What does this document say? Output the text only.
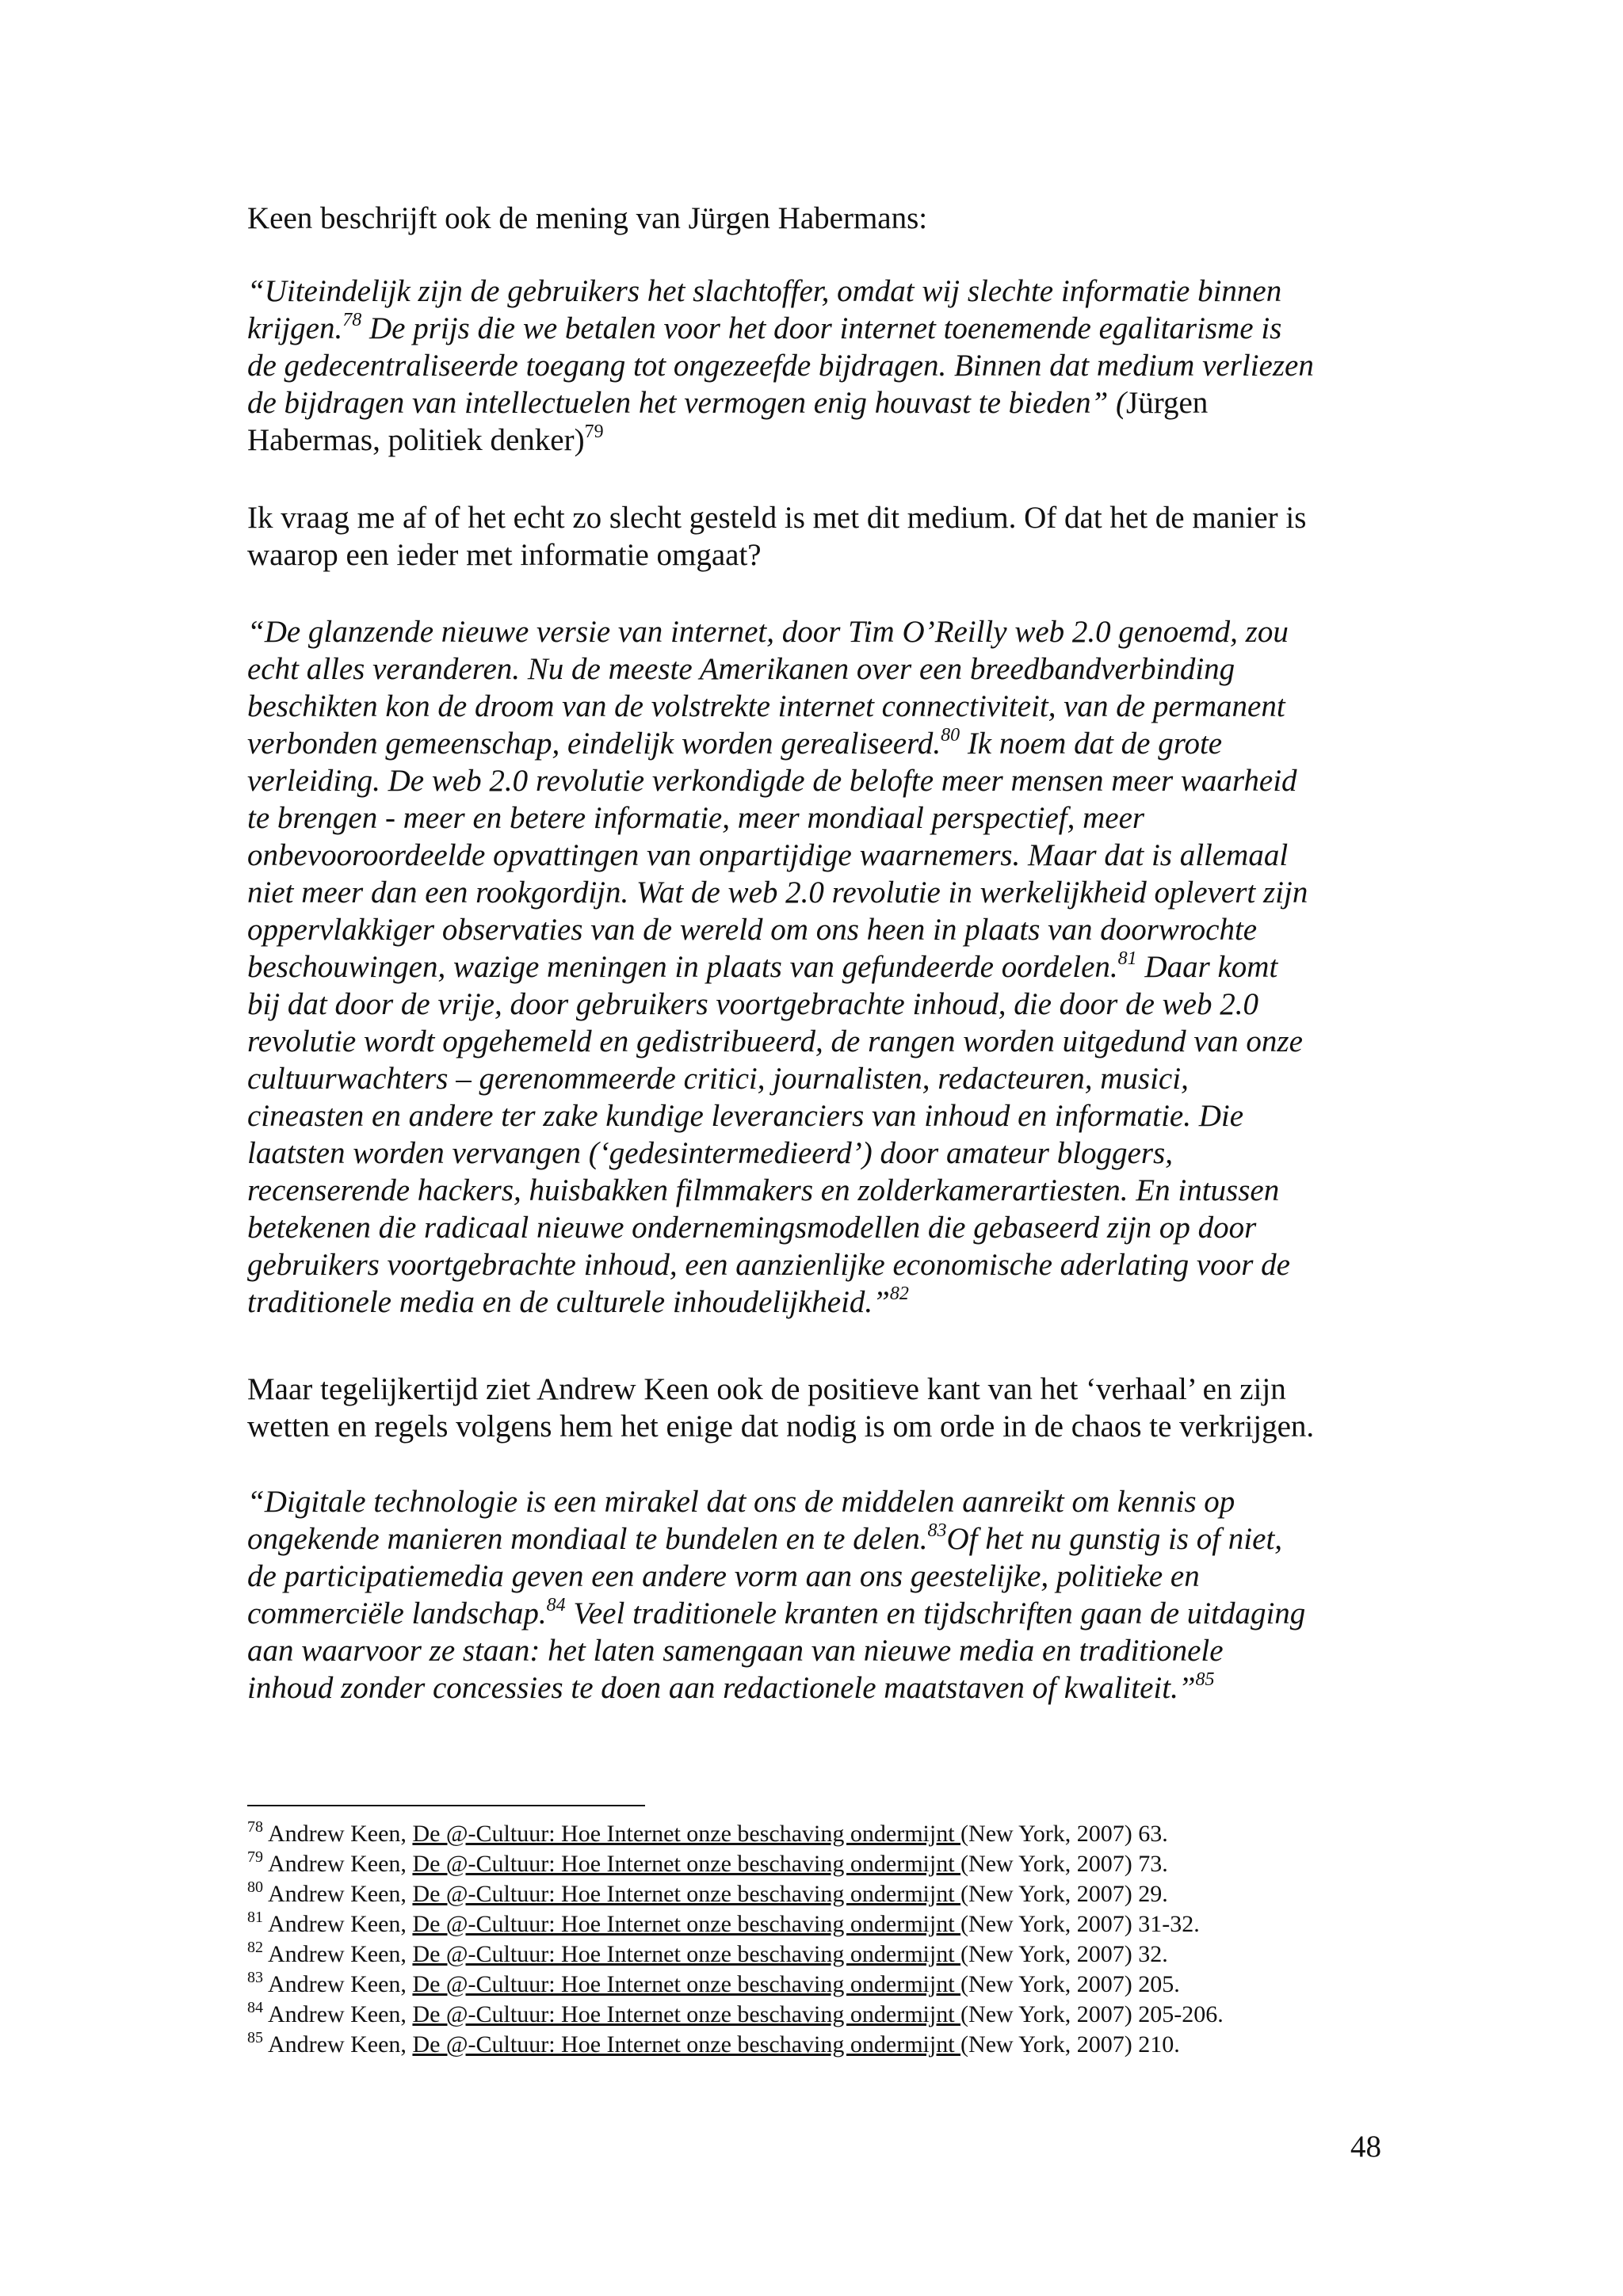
Keen beschrijft ook de mening van Jürgen Habermans:

“Uiteindelijk zijn de gebruikers het slachtoffer, omdat wij slechte informatie binnen
krijgen.$^{78}$ De prijs die we betalen voor het door internet toenemende egalitarisme is
de gedecentraliseerde toegang tot ongezeefde bijdragen. Binnen dat medium verliezen
de bijdragen van intellectuelen het vermogen enig houvast te bieden” (Jürgen
Habermas, politiek denker)$^{79}$

Ik vraag me af of het echt zo slecht gesteld is met dit medium. Of dat het de manier is
waarop een ieder met informatie omgaat?

“De glanzende nieuwe versie van internet, door Tim O’Reilly web 2.0 genoemd, zou
echt alles veranderen. Nu de meeste Amerikanen over een breedbandverbinding
beschikten kon de droom van de volstrekte internet connectiviteit, van de permanent
verbonden gemeenschap, eindelijk worden gerealiseerd.$^{80}$ Ik noem dat de grote
verleiding. De web 2.0 revolutie verkondigde de belofte meer mensen meer waarheid
te brengen - meer en betere informatie, meer mondiaal perspectief, meer
onbevooroordeelde opvattingen van onpartijdige waarnemers. Maar dat is allemaal
niet meer dan een rookgordijn. Wat de web 2.0 revolutie in werkelijkheid oplevert zijn
oppervlakkiger observaties van de wereld om ons heen in plaats van doorwrochte
beschouwingen, wazige meningen in plaats van gefundeerde oordelen.$^{81}$ Daar komt
bij dat door de vrije, door gebruikers voortgebrachte inhoud, die door de web 2.0
revolutie wordt opgehemeld en gedistribueerd, de rangen worden uitgedund van onze
cultuurwachters – gerenommeerde critici, journalisten, redacteuren, musici,
cineasten en andere ter zake kundige leveranciers van inhoud en informatie. Die
laatsten worden vervangen (‘gedesintermedieerd’) door amateur bloggers,
recenserende hackers, huisbakken filmmakers en zolderkamerartiesten. En intussen
betekenen die radicaal nieuwe ondernemingsmodellen die gebaseerd zijn op door
gebruikers voortgebrachte inhoud, een aanzienlijke economische aderlating voor de
traditionele media en de culturele inhoudelijkheid.”$^{82}$

Maar tegelijkertijd ziet Andrew Keen ook de positieve kant van het ‘verhaal’ en zijn
wetten en regels volgens hem het enige dat nodig is om orde in de chaos te verkrijgen.

“Digitale technologie is een mirakel dat ons de middelen aanreikt om kennis op
ongekende manieren mondiaal te bundelen en te delen.$^{83}$Of het nu gunstig is of niet,
de participatiemedia geven een andere vorm aan ons geestelijke, politieke en
commerciële landschap.$^{84}$ Veel traditionele kranten en tijdschriften gaan de uitdaging
aan waarvoor ze staan: het laten samengaan van nieuwe media en traditionele
inhoud zonder concessies te doen aan redactionele maatstaven of kwaliteit.”$^{85}$

$^{78}$ Andrew Keen, De @-Cultuur: Hoe Internet onze beschaving ondermijnt (New York, 2007) 63.
$^{79}$ Andrew Keen, De @-Cultuur: Hoe Internet onze beschaving ondermijnt (New York, 2007) 73.
$^{80}$ Andrew Keen, De @-Cultuur: Hoe Internet onze beschaving ondermijnt (New York, 2007) 29.
$^{81}$ Andrew Keen, De @-Cultuur: Hoe Internet onze beschaving ondermijnt (New York, 2007) 31-32.
$^{82}$ Andrew Keen, De @-Cultuur: Hoe Internet onze beschaving ondermijnt (New York, 2007) 32.
$^{83}$ Andrew Keen, De @-Cultuur: Hoe Internet onze beschaving ondermijnt (New York, 2007) 205.
$^{84}$ Andrew Keen, De @-Cultuur: Hoe Internet onze beschaving ondermijnt (New York, 2007) 205-206.
$^{85}$ Andrew Keen, De @-Cultuur: Hoe Internet onze beschaving ondermijnt (New York, 2007) 210.
48
